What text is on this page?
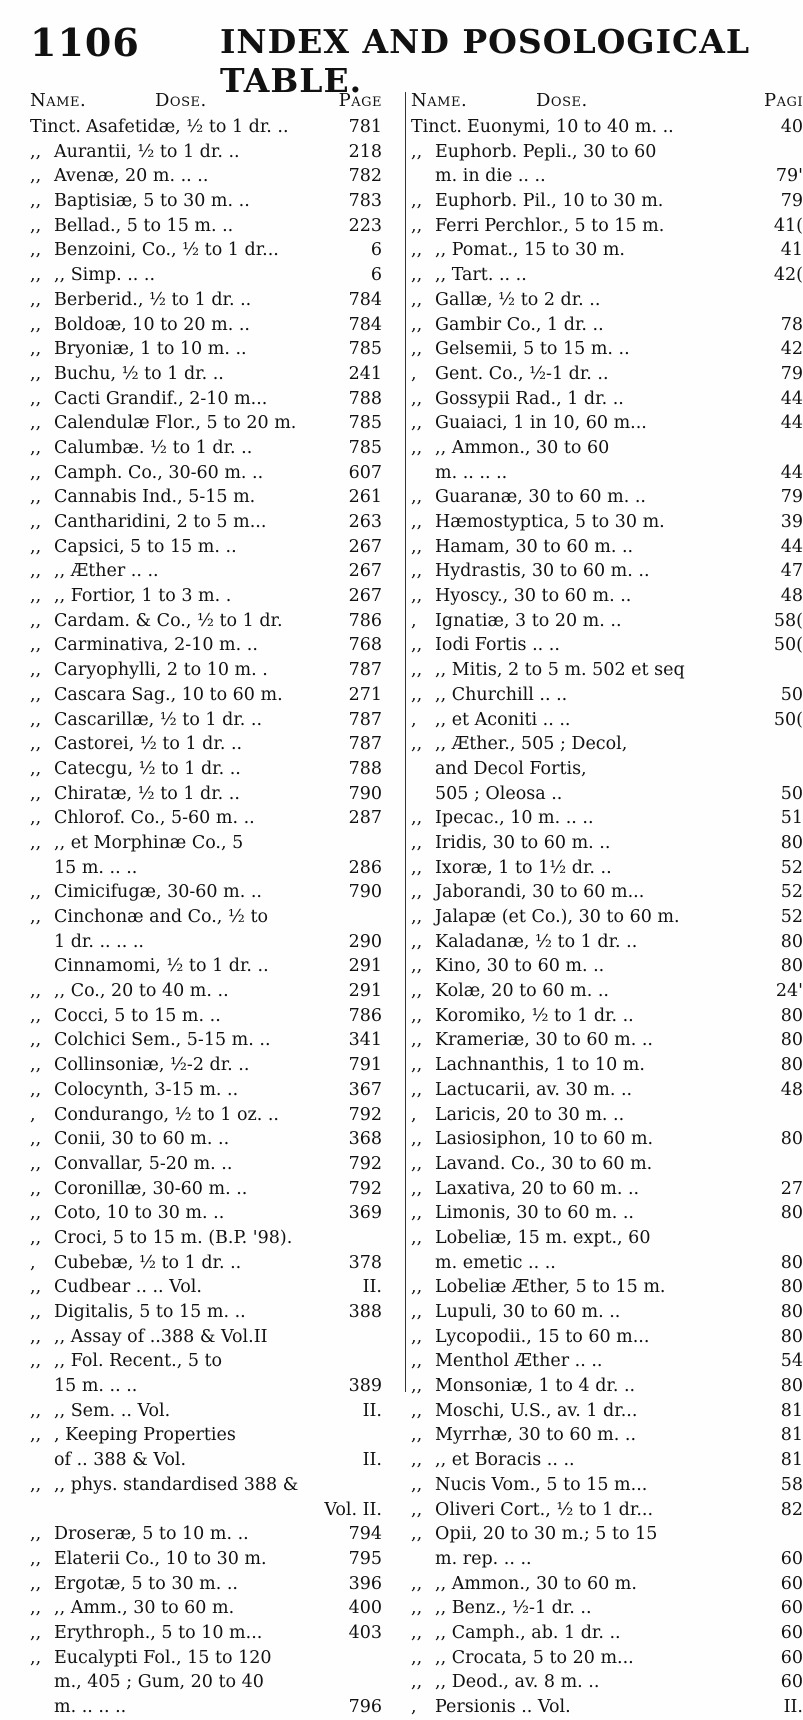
1106 INDEX AND POSOLOGICAL TABLE.
Name.	Dose.	Page
Tinct. Asafetidæ, ½ to 1 dr. ..	781
,, Aurantii, ½ to 1 dr. ..	218
,, Avenæ, 20 m. .. ..	782
,, Baptisiæ, 5 to 30 m. ..	783
,, Bellad., 5 to 15 m. ..	223
,, Benzoini, Co., ½ to 1 dr...	6
,, ,, Simp. .. ..	6
,, Berberid., ½ to 1 dr. ..	784
,, Boldoæ, 10 to 20 m. ..	784
,, Bryoniæ, 1 to 10 m. ..	785
,, Buchu, ½ to 1 dr. ..	241
,, Cacti Grandif., 2-10 m...	788
,, Calendulæ Flor., 5 to 20 m.	785
,, Calumbæ. ½ to 1 dr. ..	785
,, Camph. Co., 30-60 m. ..	607
,, Cannabis Ind., 5-15 m.	261
,, Cantharidini, 2 to 5 m...	263
,, Capsici, 5 to 15 m. ..	267
,, ,, Æther .. ..	267
,, ,, Fortior, 1 to 3 m. .	267
,, Cardam. & Co., ½ to 1 dr.	786
,, Carminativa, 2-10 m. ..	768
,, Caryophylli, 2 to 10 m. .	787
,, Cascara Sag., 10 to 60 m.	271
,, Cascarillæ, ½ to 1 dr. ..	787
,, Castorei, ½ to 1 dr. ..	787
,, Catecgu, ½ to 1 dr. ..	788
,, Chiratæ, ½ to 1 dr. ..	790
,, Chlorof. Co., 5-60 m. ..	287
,, ,, et Morphinæ Co., 5
15 m. .. ..	286
,, Cimicifugæ, 30-60 m. ..	790
,, Cinchonæ and Co., ½ to
1 dr. .. .. ..	290
Cinnamomi, ½ to 1 dr. ..	291
,, ,, Co., 20 to 40 m. ..	291
,, Cocci, 5 to 15 m. ..	786
,, Colchici Sem., 5-15 m. ..	341
,, Collinsoniæ, ½-2 dr. ..	791
,, Colocynth, 3-15 m. ..	367
,	Condurango, ½ to 1 oz. ..	792
,, Conii, 30 to 60 m. ..	368
,, Convallar, 5-20 m. ..	792
,, Coronillæ, 30-60 m. ..	792
,, Coto, 10 to 30 m. ..	369
,, Croci, 5 to 15 m. (B.P. '98).
,	Cubebæ, ½ to 1 dr. ..	378
,, Cudbear .. .. Vol.	II.
,, Digitalis, 5 to 15 m. ..	388
,, ,, Assay of ..388 & Vol.II
,, ,, Fol. Recent., 5 to
15 m. .. ..	389
,, ,, Sem. .. Vol.	II.
,, , Keeping Properties
of .. 388 & Vol.	II.
,, ,, phys. standardised 388 &
Vol. II.
,, Droseræ, 5 to 10 m. ..	794
,, Elaterii Co., 10 to 30 m.	795
,, Ergotæ, 5 to 30 m. ..	396
,, ,, Amm., 30 to 60 m.	400
,, Erythroph., 5 to 10 m...	403
,, Eucalypti Fol., 15 to 120
m., 405 ; Gum, 20 to 40
m. .. .. ..	796
Name.	Dose.	Pagi
Tinct. Euonymi, 10 to 40 m. ..	40
,, Euphorb. Pepli., 30 to 60
m. in die .. ..	79'
,, Euphorb. Pil., 10 to 30 m.	79
,, Ferri Perchlor., 5 to 15 m.	41(
,, ,, Pomat., 15 to 30 m.	41
,, ,, Tart. .. ..	42(
,, Gallæ, ½ to 2 dr. ..
,, Gambir Co., 1 dr. ..	78
,, Gelsemii, 5 to 15 m. ..	42
,	Gent. Co., ½-1 dr. ..	79
,, Gossypii Rad., 1 dr. ..	44
,, Guaiaci, 1 in 10, 60 m...	44
,, ,, Ammon., 30 to 60
m. .. .. ..	44
,, Guaranæ, 30 to 60 m. ..	79
,, Hæmostyptica, 5 to 30 m.	39
,, Hamam, 30 to 60 m. ..	44
,, Hydrastis, 30 to 60 m. ..	47
,, Hyoscy., 30 to 60 m. ..	48
,	Ignatiæ, 3 to 20 m. ..	58(
,, Iodi Fortis .. ..	50(
,, ,, Mitis, 2 to 5 m. 502 et seq
,, ,, Churchill .. ..	50
,	,, et Aconiti .. ..	50(
,, ,, Æther., 505 ; Decol,
and Decol Fortis,
505 ; Oleosa ..	50
,, Ipecac., 10 m. .. ..	51
,, Iridis, 30 to 60 m. ..	80
,, Ixoræ, 1 to 1½ dr. ..	52
,, Jaborandi, 30 to 60 m...	52
,, Jalapæ (et Co.), 30 to 60 m.	52
,, Kaladanæ, ½ to 1 dr. ..	80
,, Kino, 30 to 60 m. ..	80
,, Kolæ, 20 to 60 m. ..	24'
,, Koromiko, ½ to 1 dr. ..	80
,, Krameriæ, 30 to 60 m. ..	80
,, Lachnanthis, 1 to 10 m.	80
,, Lactucarii, av. 30 m. ..	48
,	Laricis, 20 to 30 m. ..
,, Lasiosiphon, 10 to 60 m.	80
,, Lavand. Co., 30 to 60 m.
,, Laxativa, 20 to 60 m. ..	27
,, Limonis, 30 to 60 m. ..	80
,, Lobeliæ, 15 m. expt., 60
m. emetic .. ..	80
,, Lobeliæ Æther, 5 to 15 m.	80
,, Lupuli, 30 to 60 m. ..	80
,, Lycopodii., 15 to 60 m...	80
,, Menthol Æther .. ..	54
,, Monsoniæ, 1 to 4 dr. ..	80
,, Moschi, U.S., av. 1 dr...	81
,, Myrrhæ, 30 to 60 m. ..	81
,, ,, et Boracis .. ..	81
,, Nucis Vom., 5 to 15 m...	58
,, Oliveri Cort., ½ to 1 dr...	82
,, Opii, 20 to 30 m.; 5 to 15
m. rep. .. ..	60
,, ,, Ammon., 30 to 60 m.	60
,, ,, Benz., ½-1 dr. ..	60
,, ,, Camph., ab. 1 dr. ..	60
,, ,, Crocata, 5 to 20 m...	60
,, ,, Deod., av. 8 m. ..	60
,	Persionis .. Vol.	II.
